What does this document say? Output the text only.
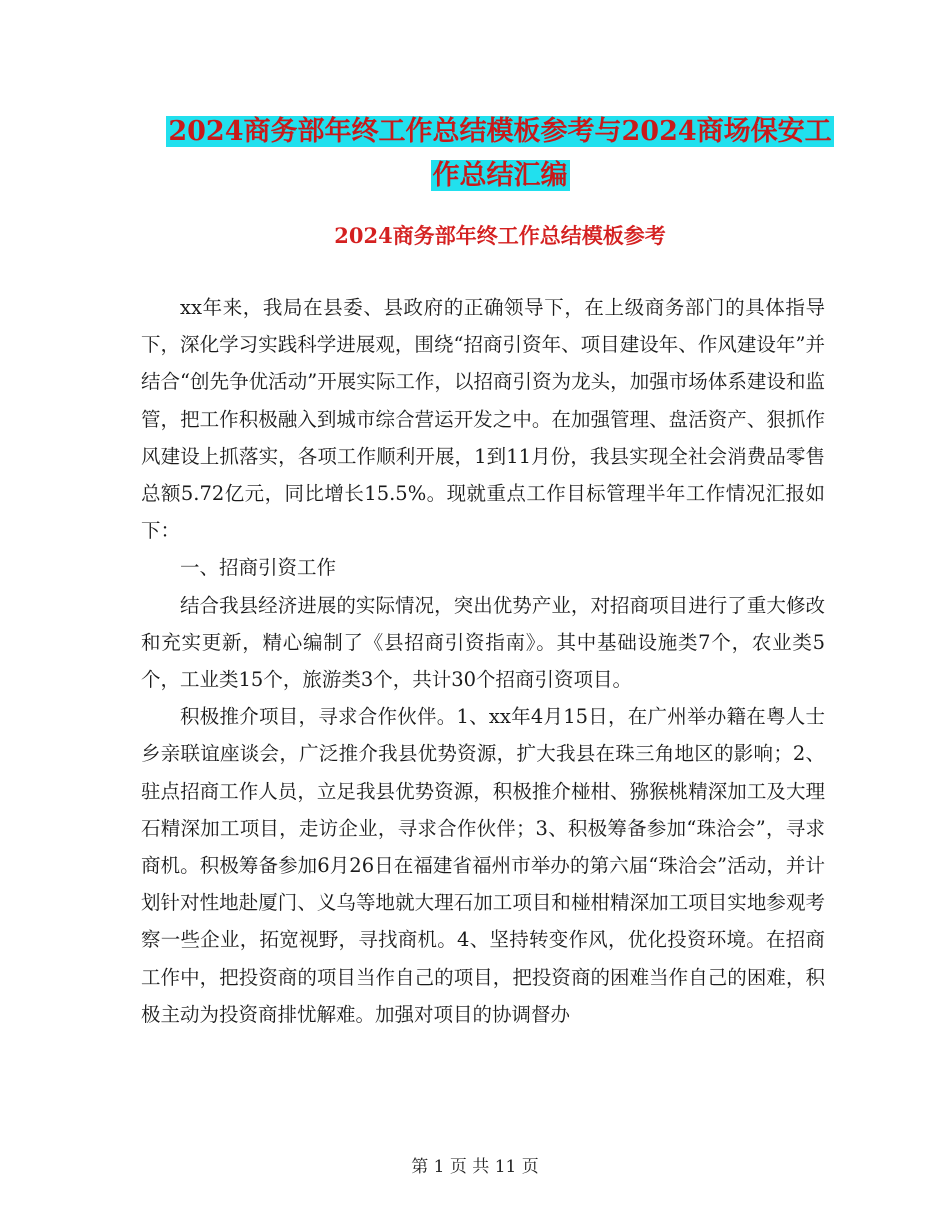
2024商务部年终工作总结模板参考与2024商场保安工
作总结汇编
2024商务部年终工作总结模板参考

xx年来，我局在县委、县政府的正确领导下，在上级商务部门的具体指导下，深化学习实践科学进展观，围绕“招商引资年、项目建设年、作风建设年”并结合“创先争优活动”开展实际工作，以招商引资为龙头，加强市场体系建设和监管，把工作积极融入到城市综合营运开发之中。在加强管理、盘活资产、狠抓作风建设上抓落实，各项工作顺利开展，1到11月份，我县实现全社会消费品零售总额5.72亿元，同比增长15.5%。现就重点工作目标管理半年工作情况汇报如下：

一、招商引资工作

结合我县经济进展的实际情况，突出优势产业，对招商项目进行了重大修改和充实更新，精心编制了《县招商引资指南》。其中基础设施类7个，农业类5个，工业类15个，旅游类3个，共计30个招商引资项目。

积极推介项目，寻求合作伙伴。1、xx年4月15日，在广州举办籍在粤人士乡亲联谊座谈会，广泛推介我县优势资源，扩大我县在珠三角地区的影响；2、驻点招商工作人员，立足我县优势资源，积极推介椪柑、猕猴桃精深加工及大理石精深加工项目，走访企业，寻求合作伙伴；3、积极筹备参加“珠洽会”，寻求商机。积极筹备参加6月26日在福建省福州市举办的第六届“珠洽会”活动，并计划针对性地赴厦门、义乌等地就大理石加工项目和椪柑精深加工项目实地参观考察一些企业，拓宽视野，寻找商机。4、坚持转变作风，优化投资环境。在招商工作中，把投资商的项目当作自己的项目，把投资商的困难当作自己的困难，积极主动为投资商排忧解难。加强对项目的协调督办

第 1 页 共 11 页
